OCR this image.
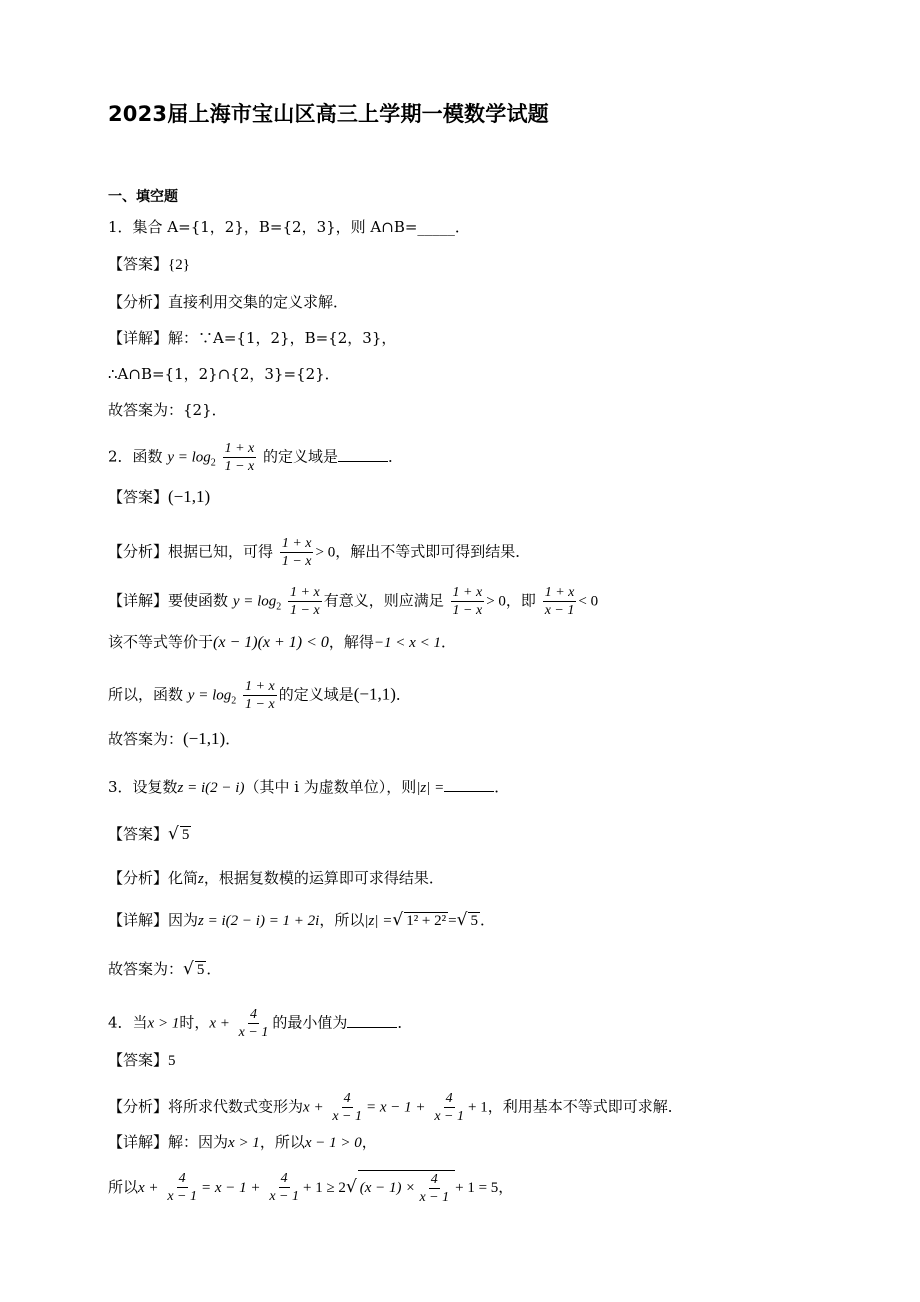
2023届上海市宝山区高三上学期一模数学试题
一、填空题
1．集合 A={1，2}，B={2，3}，则 A∩B=_____．
【答案】{2}
【分析】直接利用交集的定义求解．
【详解】解：∵A={1，2}，B={2，3}，
∴A∩B={1，2}∩{2，3}={2}．
故答案为：{2}．
2．函数 $y = \log_2 \frac{1 + x}{1 - x}$ 的定义域是	．
【答案】(−1,1)
【分析】根据已知，可得 $\frac{1 + x}{1 - x} > 0$，解出不等式即可得到结果．
【详解】要使函数 $y = \log_2 \frac{1 + x}{1 - x}$ 有意义，则应满足 $\frac{1 + x}{1 - x} > 0$，即 $\frac{1 + x}{x - 1} < 0$
该不等式等价于(x − 1)(x + 1) < 0，解得−1 < x < 1．
所以，函数 $y = \log_2 \frac{1 + x}{1 - x}$ 的定义域是(−1,1)．
故答案为：(−1,1)．
3．设复数z = i(2 − i)（其中 i 为虚数单位），则|z| =	．
【答案】√ 5
【分析】化简z，根据复数模的运算即可求得结果．
【详解】因为z = i(2 − i) = 1 + 2i，所以|z| =√ 1² + 2² =√ 5 ．
故答案为：√ 5 ．
4．当x > 1时，$x + \frac{4}{x - 1}$ 的最小值为	．
【答案】5
【分析】将所求代数式变形为$x + \frac{4}{x - 1} = x - 1 + \frac{4}{x - 1} + 1$，利用基本不等式即可求解．
【详解】解：因为x > 1，所以x − 1 > 0，
所以$x + \frac{4}{x - 1} = x - 1 + \frac{4}{x - 1} + 1 \ge 2√$ $(x - 1) \times \frac{4}{x - 1} + 1 = 5$，
